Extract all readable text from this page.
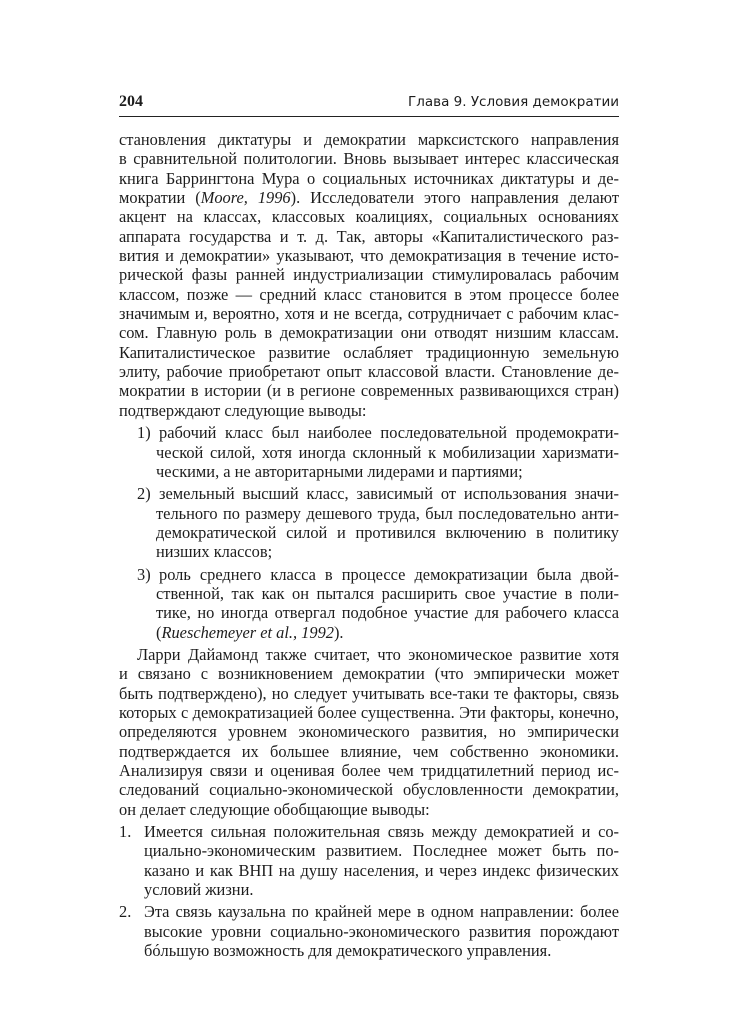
204	Глава 9. Условия демократии
становления диктатуры и демократии марксистского направления
в сравнительной политологии. Вновь вызывает интерес классическая
книга Баррингтона Мура о социальных источниках диктатуры и де-
мократии (Moore, 1996). Исследователи этого направления делают
акцент на классах, классовых коалициях, социальных основаниях
аппарата государства и т. д. Так, авторы «Капиталистического раз-
вития и демократии» указывают, что демократизация в течение исто-
рической фазы ранней индустриализации стимулировалась рабочим
классом, позже — средний класс становится в этом процессе более
значимым и, вероятно, хотя и не всегда, сотрудничает с рабочим клас-
сом. Главную роль в демократизации они отводят низшим классам.
Капиталистическое развитие ослабляет традиционную земельную
элиту, рабочие приобретают опыт классовой власти. Становление де-
мократии в истории (и в регионе современных развивающихся стран)
подтверждают следующие выводы:
1) рабочий класс был наиболее последовательной продемократи-
ческой силой, хотя иногда склонный к мобилизации харизмати-
ческими, а не авторитарными лидерами и партиями;
2) земельный высший класс, зависимый от использования значи-
тельного по размеру дешевого труда, был последовательно анти-
демократической силой и противился включению в политику
низших классов;
3) роль среднего класса в процессе демократизации была двой-
ственной, так как он пытался расширить свое участие в поли-
тике, но иногда отвергал подобное участие для рабочего класса
(Rueschemeyer et al., 1992).
Ларри Дайамонд также считает, что экономическое развитие хотя
и связано с возникновением демократии (что эмпирически может
быть подтверждено), но следует учитывать все-таки те факторы, связь
которых с демократизацией более существенна. Эти факторы, конечно,
определяются уровнем экономического развития, но эмпирически
подтверждается их большее влияние, чем собственно экономики.
Анализируя связи и оценивая более чем тридцатилетний период ис-
следований социально-экономической обусловленности демократии,
он делает следующие обобщающие выводы:
1. Имеется сильная положительная связь между демократией и со-
циально-экономическим развитием. Последнее может быть по-
казано и как ВНП на душу населения, и через индекс физических
условий жизни.
2. Эта связь каузальна по крайней мере в одном направлении: более
высокие уровни социально-экономического развития порождают
бóльшую возможность для демократического управления.
